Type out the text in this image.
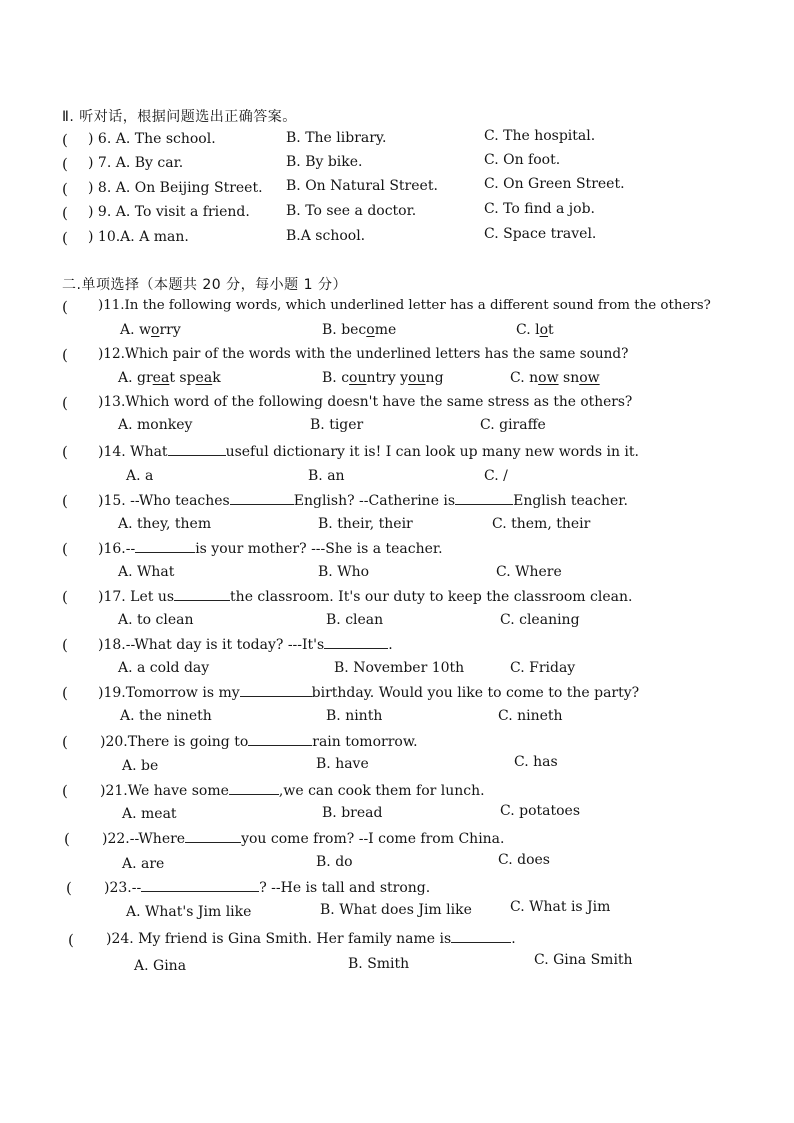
Ⅱ. 听对话，根据问题选出正确答案。
( ) 6. A. The school.	B. The library.	C. The hospital.
( ) 7. A. By car.	B. By bike.	C. On foot.
( ) 8. A. On Beijing Street. B. On Natural Street.	C. On Green Street.
( ) 9. A. To visit a friend.	B. To see a doctor.	C. To find a job.
( ) 10.A. A man.	B.A school.	C. Space travel.
二.单项选择（本题共 20 分，每小题 1 分）
( )11.In the following words, which underlined letter has a different sound from the others?
A. worry	B. become	C. lot
( )12.Which pair of the words with the underlined letters has the same sound?
A. great speak	B. country young	C. now snow
( )13.Which word of the following doesn't have the same stress as the others?
A. monkey	B. tiger	C. giraffe
( )14. What	useful dictionary it is! I can look up many new words in it.
A. a	B. an	C. /
( )15. --Who teaches	English? --Catherine is	English teacher.
A. they, them	B. their, their	C. them, their
( )16.--	is your mother? ---She is a teacher.
A. What	B. Who	C. Where
( )17. Let us	the classroom. It's our duty to keep the classroom clean.
A. to clean	B. clean	C. cleaning
( )18.--What day is it today? ---It's	.
A. a cold day	B. November 10th	C. Friday
( )19.Tomorrow is my	birthday. Would you like to come to the party?
A. the nineth	B. ninth	C. nineth
( )20.There is going to	rain tomorrow.
A. be	B. have	C. has
( )21.We have some	,we can cook them for lunch.
A. meat	B. bread	C. potatoes
( )22.--Where	you come from? --I come from China.
A. are	B. do	C. does
( )23.--	? --He is tall and strong.
A. What's Jim like	B. What does Jim like	C. What is Jim
( )24. My friend is Gina Smith. Her family name is	.
A. Gina	B. Smith	C. Gina Smith
